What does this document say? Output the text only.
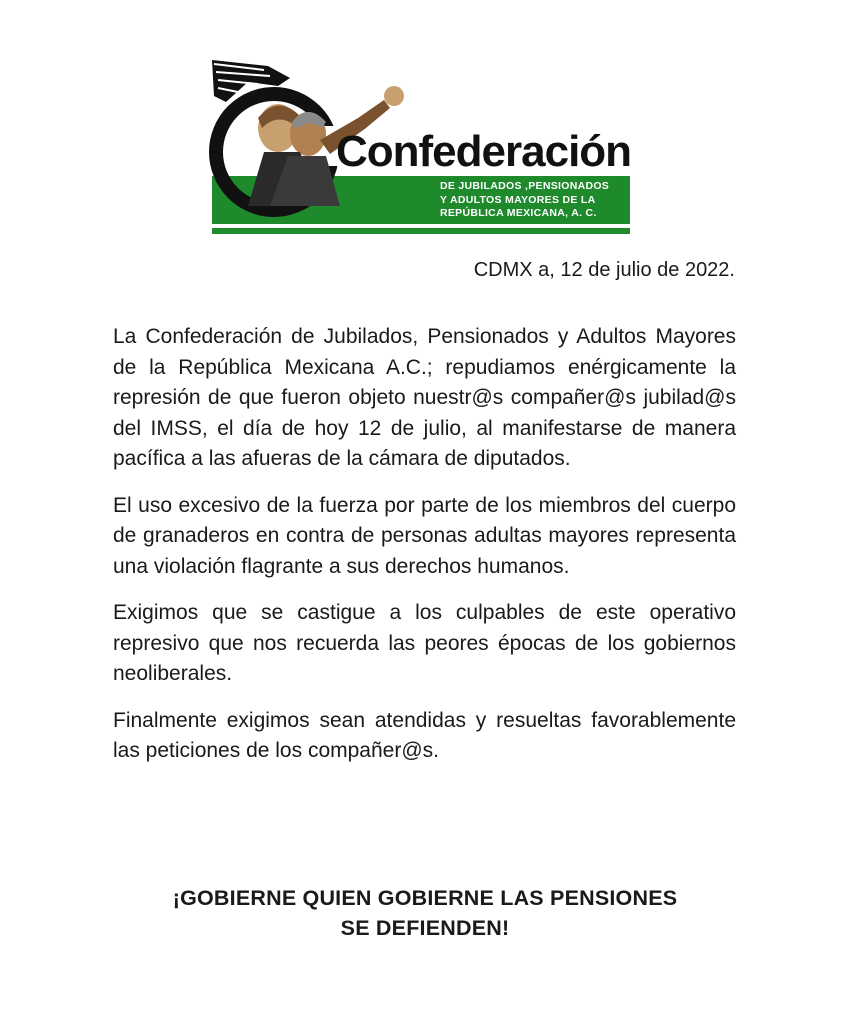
Confederación
DE JUBILADOS ,PENSIONADOS
Y ADULTOS MAYORES DE LA
REPÚBLICA MEXICANA, A. C.
CDMX a, 12 de julio de 2022.

La Confederación de Jubilados, Pensionados y Adultos Mayores de la República Mexicana A.C.; repudiamos enérgicamente la represión de que fueron objeto nuestr@s compañer@s jubilad@s del IMSS, el día de hoy 12 de julio, al manifestarse de manera pacífica a las afueras de la cámara de diputados.

El uso excesivo de la fuerza por parte de los miembros del cuerpo de granaderos en contra de personas adultas mayores representa una violación flagrante a sus derechos humanos.

Exigimos que se castigue a los culpables de este operativo represivo que nos recuerda las peores épocas de los gobiernos neoliberales.

Finalmente exigimos sean atendidas y resueltas favorablemente las peticiones de los compañer@s.

¡GOBIERNE QUIEN GOBIERNE LAS PENSIONES
SE DEFIENDEN!
